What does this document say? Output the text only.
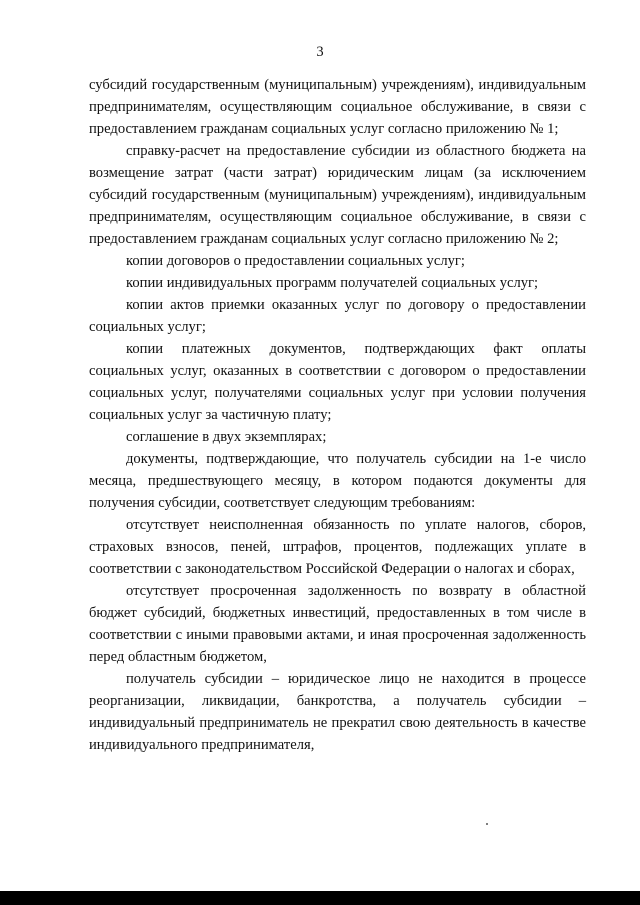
3

субсидий государственным (муниципальным) учреждениям), индивидуальным предпринимателям, осуществляющим социальное обслуживание, в связи с предоставлением гражданам социальных услуг согласно приложению № 1;

справку-расчет на предоставление субсидии из областного бюджета на возмещение затрат (части затрат) юридическим лицам (за исключением субсидий государственным (муниципальным) учреждениям), индивидуальным предпринимателям, осуществляющим социальное обслуживание, в связи с предоставлением гражданам социальных услуг согласно приложению № 2;

копии договоров о предоставлении социальных услуг;

копии индивидуальных программ получателей социальных услуг;

копии актов приемки оказанных услуг по договору о предоставлении социальных услуг;

копии платежных документов, подтверждающих факт оплаты социальных услуг, оказанных в соответствии с договором о предоставлении социальных услуг, получателями социальных услуг при условии получения социальных услуг за частичную плату;

соглашение в двух экземплярах;

документы, подтверждающие, что получатель субсидии на 1-е число месяца, предшествующего месяцу, в котором подаются документы для получения субсидии, соответствует следующим требованиям:

отсутствует неисполненная обязанность по уплате налогов, сборов, страховых взносов, пеней, штрафов, процентов, подлежащих уплате в соответствии с законодательством Российской Федерации о налогах и сборах,

отсутствует просроченная задолженность по возврату в областной бюджет субсидий, бюджетных инвестиций, предоставленных в том числе в соответствии с иными правовыми актами, и иная просроченная задолженность перед областным бюджетом,

получатель субсидии – юридическое лицо не находится в процессе реорганизации, ликвидации, банкротства, а получатель субсидии – индивидуальный предприниматель не прекратил свою деятельность в качестве индивидуального предпринимателя,
